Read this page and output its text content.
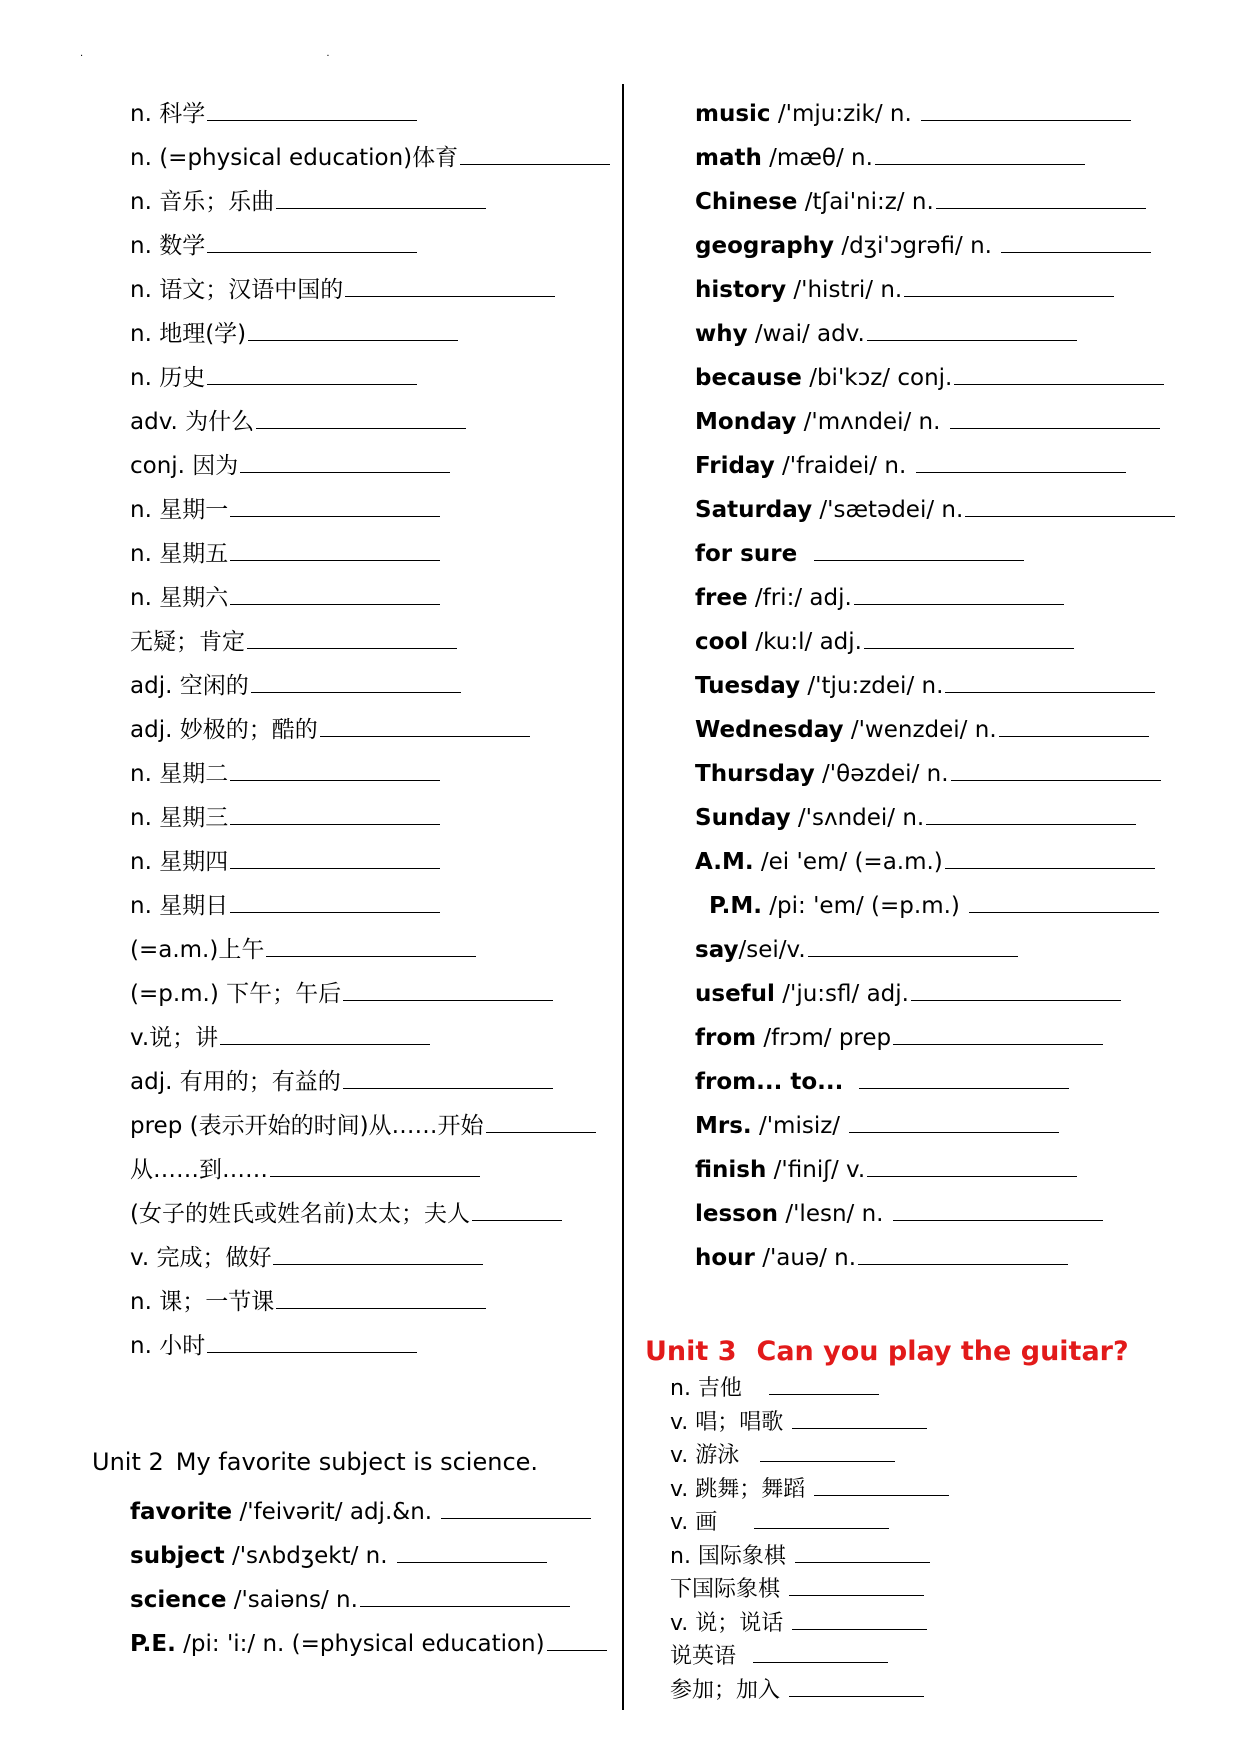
. .
n. 科学
n. (=physical education)体育
n. 音乐；乐曲
n. 数学
n. 语文；汉语中国的
n. 地理(学)
n. 历史
adv. 为什么
conj. 因为
n. 星期一
n. 星期五
n. 星期六
无疑；肯定
adj. 空闲的
adj. 妙极的；酷的
n. 星期二
n. 星期三
n. 星期四
n. 星期日
(=a.m.)上午
(=p.m.) 下午；午后
v.说；讲
adj. 有用的；有益的
prep (表示开始的时间)从……开始
从……到……
(女子的姓氏或姓名前)太太；夫人
v. 完成；做好
n. 课；一节课
n. 小时
Unit 2 My favorite subject is science.
favorite /'feivərit/ adj.&n.
subject /'sʌbdʒekt/ n.
science /'saiəns/ n.
P.E. /pi: 'i:/ n. (=physical education)
music /'mju:zik/ n.
math /mæθ/ n.
Chinese /tʃai'ni:z/ n.
geography /dʒi'ɔgrəfi/ n.
history /'histri/ n.
why /wai/ adv.
because /bi'kɔz/ conj.
Monday /'mʌndei/ n.
Friday /'fraidei/ n.
Saturday /'sætədei/ n.
for sure
free /fri:/ adj.
cool /ku:l/ adj.
Tuesday /'tju:zdei/ n.
Wednesday /'wenzdei/ n.
Thursday /'θəzdei/ n.
Sunday /'sʌndei/ n.
A.M. /ei 'em/ (=a.m.)
P.M. /pi: 'em/ (=p.m.)
say/sei/v.
useful /'ju:sfl/ adj.
from /frɔm/ prep
from... to...
Mrs. /'misiz/
finish /'finiʃ/ v.
lesson /'lesn/ n.
hour /'auə/ n.
Unit 3 Can you play the guitar?
n. 吉他
v. 唱；唱歌
v. 游泳
v. 跳舞；舞蹈
v. 画
n. 国际象棋
下国际象棋
v. 说；说话
说英语
参加；加入
